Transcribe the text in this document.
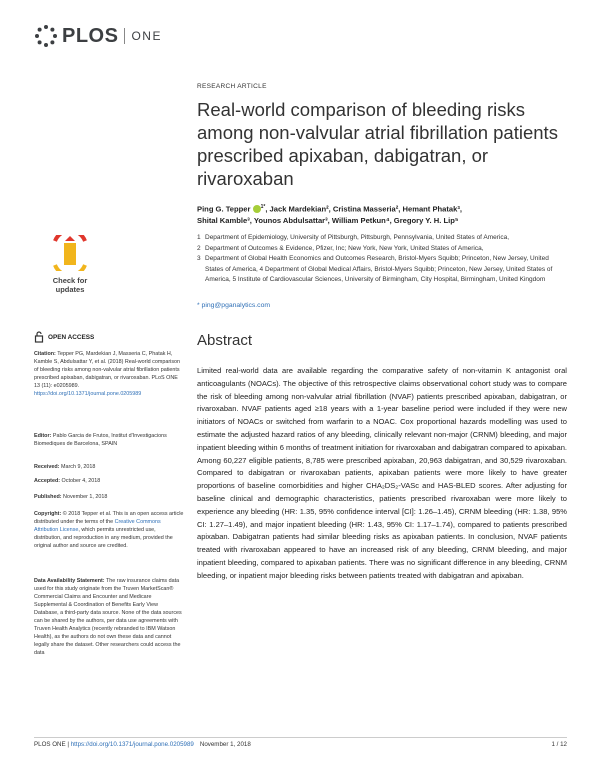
PLOS ONE
RESEARCH ARTICLE
Real-world comparison of bleeding risks among non-valvular atrial fibrillation patients prescribed apixaban, dabigatran, or rivaroxaban
Ping G. Tepper $^{1*}$, Jack Mardekian², Cristina Masseria², Hemant Phatak³,
Shital Kamble³, Younos Abdulsattar³, William Petkun⁴, Gregory Y. H. Lip⁵
1 Department of Epidemiology, University of Pittsburgh, Pittsburgh, Pennsylvania, United States of America,
2 Department of Outcomes & Evidence, Pfizer, Inc; New York, New York, United States of America,
3 Department of Global Health Economics and Outcomes Research, Bristol-Myers Squibb; Princeton, New Jersey, United States of America, 4 Department of Global Medical Affairs, Bristol-Myers Squibb; Princeton, New Jersey, United States of America, 5 Institute of Cardiovascular Sciences, University of Birmingham, City Hospital, Birmingham, United Kingdom
* ping@pganalytics.com
Abstract
Limited real-world data are available regarding the comparative safety of non-vitamin K antagonist oral anticoagulants (NOACs). The objective of this retrospective claims observational cohort study was to compare the risk of bleeding among non-valvular atrial fibrillation (NVAF) patients prescribed apixaban, dabigatran, or rivaroxaban. NVAF patients aged ≥18 years with a 1-year baseline period were included if they were new initiators of NOACs or switched from warfarin to a NOAC. Cox proportional hazards modelling was used to estimate the adjusted hazard ratios of any bleeding, clinically relevant non-major (CRNM) bleeding, and major inpatient bleeding within 6 months of treatment initiation for rivaroxaban and dabigatran compared to apixaban. Among 60,227 eligible patients, 8,785 were prescribed apixaban, 20,963 dabigatran, and 30,529 rivaroxaban. Compared to dabigatran or rivaroxaban patients, apixaban patients were more likely to have greater proportions of baseline comorbidities and higher CHA₂DS₂-VASc and HAS-BLED scores. After adjusting for baseline clinical and demographic characteristics, patients prescribed rivaroxaban were more likely to experience any bleeding (HR: 1.35, 95% confidence interval [CI]: 1.26–1.45), CRNM bleeding (HR: 1.38, 95% CI: 1.27–1.49), and major inpatient bleeding (HR: 1.43, 95% CI: 1.17–1.74), compared to patients prescribed apixaban. Dabigatran patients had similar bleeding risks as apixaban patients. In conclusion, NVAF patients treated with rivaroxaban appeared to have an increased risk of any bleeding, CRNM bleeding, and major inpatient bleeding, compared to apixaban patients. There was no significant difference in any bleeding, CRNM bleeding, or inpatient major bleeding risks between patients treated with dabigatran and apixaban.
Check for
updates
OPEN ACCESS
Citation: Tepper PG, Mardekian J, Masseria C, Phatak H, Kamble S, Abdulsattar Y, et al. (2018) Real-world comparison of bleeding risks among non-valvular atrial fibrillation patients prescribed apixaban, dabigatran, or rivaroxaban. PLoS ONE 13 (11): e0205989. https://doi.org/10.1371/journal.pone.0205989
Editor: Pablo Garcia de Frutos, Institut d'Investigacions Biomediques de Barcelona, SPAIN
Received: March 9, 2018
Accepted: October 4, 2018
Published: November 1, 2018
Copyright: © 2018 Tepper et al. This is an open access article distributed under the terms of the Creative Commons Attribution License, which permits unrestricted use, distribution, and reproduction in any medium, provided the original author and source are credited.
Data Availability Statement: The raw insurance claims data used for this study originate from the Truven MarketScan® Commercial Claims and Encounter and Medicare Supplemental & Coordination of Benefits Early View Database, a third-party data source. None of the data sources can be shared by the authors, per data use agreements with Truven Health Analytics (recently rebranded to IBM Watson Health), as the authors do not own these data and cannot legally share the dataset. Other researchers could access the data
PLOS ONE | https://doi.org/10.1371/journal.pone.0205989 November 1, 2018	1 / 12
